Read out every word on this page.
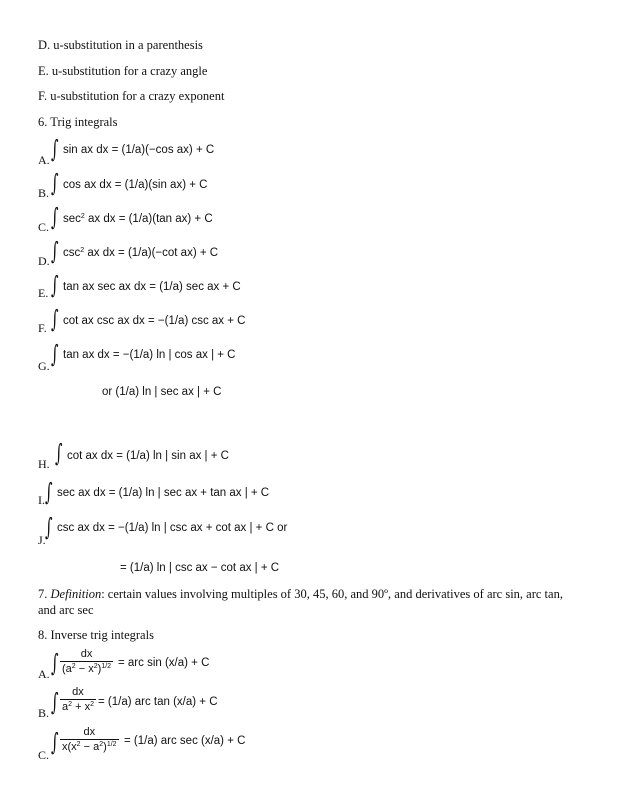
D. u-substitution in a parenthesis
E. u-substitution for a crazy angle
F. u-substitution for a crazy exponent
6. Trig integrals
A. ∫ sin ax dx = (1/a)(−cos ax) + C
B. ∫ cos ax dx = (1/a)(sin ax) + C
C. ∫ $\sec^2$ ax dx = (1/a)(tan ax) + C
D. ∫ $\csc^2$ ax dx = (1/a)(−cot ax) + C
E. ∫ tan ax sec ax dx = (1/a) sec ax + C
F. ∫ cot ax csc ax dx = −(1/a) csc ax + C
G. ∫ tan ax dx = −(1/a) ln | cos ax | + C
or (1/a) ln | sec ax | + C
H. ∫ cot ax dx = (1/a) ln | sin ax | + C
I. ∫ sec ax dx = (1/a) ln | sec ax + tan ax | + C
J. ∫ csc ax dx = −(1/a) ln | csc ax + cot ax | + C or
= (1/a) ln | csc ax − cot ax | + C
7. Definition: certain values involving multiples of 30, 45, 60, and 90º, and derivatives of arc sin, arc tan, and arc sec
8. Inverse trig integrals
A. ∫	dx
$(a^2 - x^2)^{1/2}$ = arc sin (x/a) + C
B. ∫	dx
$a^2 + x^2 = (1/a)$ arc tan (x/a) + C
C. ∫	dx
$x(x^2 - a^2)^{1/2} = (1/a)$ arc sec (x/a) + C
